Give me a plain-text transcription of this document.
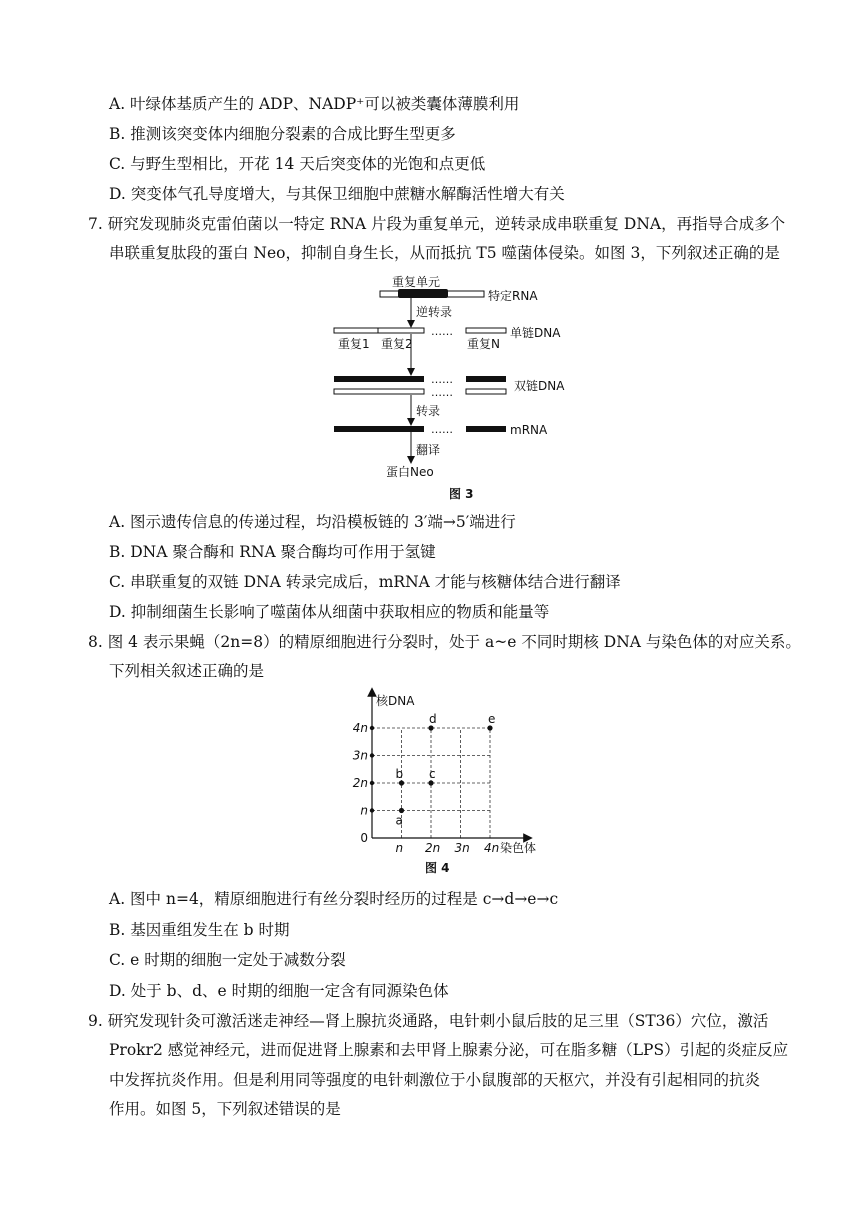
A. 叶绿体基质产生的 ADP、NADP⁺可以被类囊体薄膜利用
B. 推测该突变体内细胞分裂素的合成比野生型更多
C. 与野生型相比，开花 14 天后突变体的光饱和点更低
D. 突变体气孔导度增大，与其保卫细胞中蔗糖水解酶活性增大有关
7. 研究发现肺炎克雷伯菌以一特定 RNA 片段为重复单元，逆转录成串联重复 DNA，再指导合成多个
串联重复肽段的蛋白 Neo，抑制自身生长，从而抵抗 T5 噬菌体侵染。如图 3，下列叙述正确的是
重复单元
特定RNA
逆转录
……	单链DNA
重复1 重复2	重复N
……
……	双链DNA
转录
……	mRNA
翻译
蛋白Neo
图 3
A. 图示遗传信息的传递过程，均沿模板链的 3′端→5′端进行
B. DNA 聚合酶和 RNA 聚合酶均可作用于氢键
C. 串联重复的双链 DNA 转录完成后，mRNA 才能与核糖体结合进行翻译
D. 抑制细菌生长影响了噬菌体从细菌中获取相应的物质和能量等
8. 图 4 表示果蝇（2n=8）的精原细胞进行分裂时，处于 a~e 不同时期核 DNA 与染色体的对应关系。
下列相关叙述正确的是
核DNA
染色体
n 2n 3n 4n
0
n
2n
3n
4n
a
b c
d	e
图 4
A. 图中 n=4，精原细胞进行有丝分裂时经历的过程是 c→d→e→c
B. 基因重组发生在 b 时期
C. e 时期的细胞一定处于减数分裂
D. 处于 b、d、e 时期的细胞一定含有同源染色体
9. 研究发现针灸可激活迷走神经—肾上腺抗炎通路，电针刺小鼠后肢的足三里（ST36）穴位，激活
Prokr2 感觉神经元，进而促进肾上腺素和去甲肾上腺素分泌，可在脂多糖（LPS）引起的炎症反应
中发挥抗炎作用。但是利用同等强度的电针刺激位于小鼠腹部的天枢穴，并没有引起相同的抗炎
作用。如图 5，下列叙述错误的是
